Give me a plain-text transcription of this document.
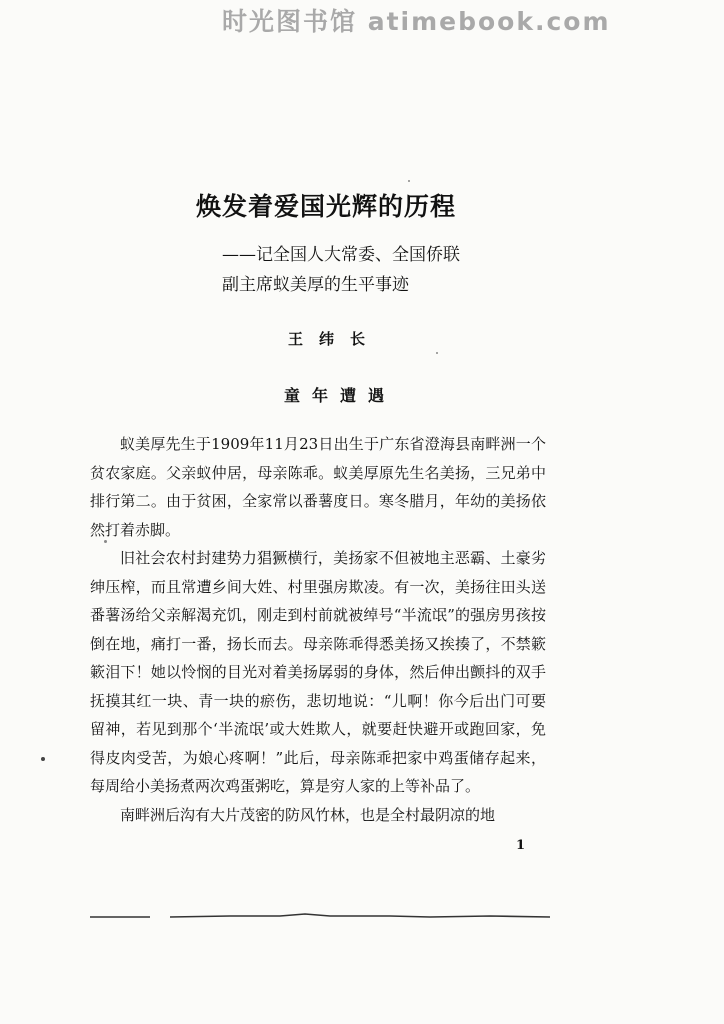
时光图书馆 atimebook.com
焕发着爱国光辉的历程
——记全国人大常委、全国侨联
副主席蚁美厚的生平事迹
王纬长
童年遭遇

蚁美厚先生于1909年11月23日出生于广东省澄海县南畔洲一个贫农家庭。父亲蚁仲居，母亲陈乖。蚁美厚原先生名美扬，三兄弟中排行第二。由于贫困，全家常以番薯度日。寒冬腊月，年幼的美扬依然打着赤脚。

旧社会农村封建势力猖獗横行，美扬家不但被地主恶霸、土豪劣绅压榨，而且常遭乡间大姓、村里强房欺凌。有一次，美扬往田头送番薯汤给父亲解渴充饥，刚走到村前就被绰号“半流氓”的强房男孩按倒在地，痛打一番，扬长而去。母亲陈乖得悉美扬又挨揍了，不禁簌簌泪下！她以怜悯的目光对着美扬孱弱的身体，然后伸出颤抖的双手抚摸其红一块、青一块的瘀伤，悲切地说：“儿啊！你今后出门可要留神，若见到那个‘半流氓’或大姓欺人，就要赶快避开或跑回家，免得皮肉受苦，为娘心疼啊！”此后，母亲陈乖把家中鸡蛋储存起来，每周给小美扬煮两次鸡蛋粥吃，算是穷人家的上等补品了。

南畔洲后沟有大片茂密的防风竹林，也是全村最阴凉的地

1
